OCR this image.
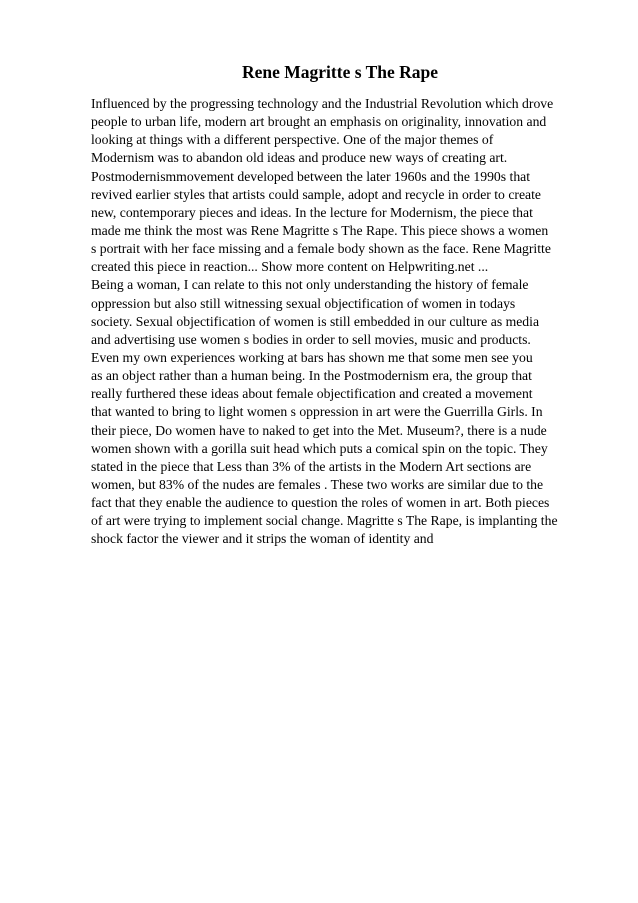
Rene Magritte s The Rape
Influenced by the progressing technology and the Industrial Revolution which drove
people to urban life, modern art brought an emphasis on originality, innovation and
looking at things with a different perspective. One of the major themes of
Modernism was to abandon old ideas and produce new ways of creating art.
Postmodernismmovement developed between the later 1960s and the 1990s that
revived earlier styles that artists could sample, adopt and recycle in order to create
new, contemporary pieces and ideas. In the lecture for Modernism, the piece that
made me think the most was Rene Magritte s The Rape. This piece shows a women
s portrait with her face missing and a female body shown as the face. Rene Magritte
created this piece in reaction... Show more content on Helpwriting.net ...
Being a woman, I can relate to this not only understanding the history of female
oppression but also still witnessing sexual objectification of women in todays
society. Sexual objectification of women is still embedded in our culture as media
and advertising use women s bodies in order to sell movies, music and products.
Even my own experiences working at bars has shown me that some men see you
as an object rather than a human being. In the Postmodernism era, the group that
really furthered these ideas about female objectification and created a movement
that wanted to bring to light women s oppression in art were the Guerrilla Girls. In
their piece, Do women have to naked to get into the Met. Museum?, there is a nude
women shown with a gorilla suit head which puts a comical spin on the topic. They
stated in the piece that Less than 3% of the artists in the Modern Art sections are
women, but 83% of the nudes are females . These two works are similar due to the
fact that they enable the audience to question the roles of women in art. Both pieces
of art were trying to implement social change. Magritte s The Rape, is implanting the
shock factor the viewer and it strips the woman of identity and
